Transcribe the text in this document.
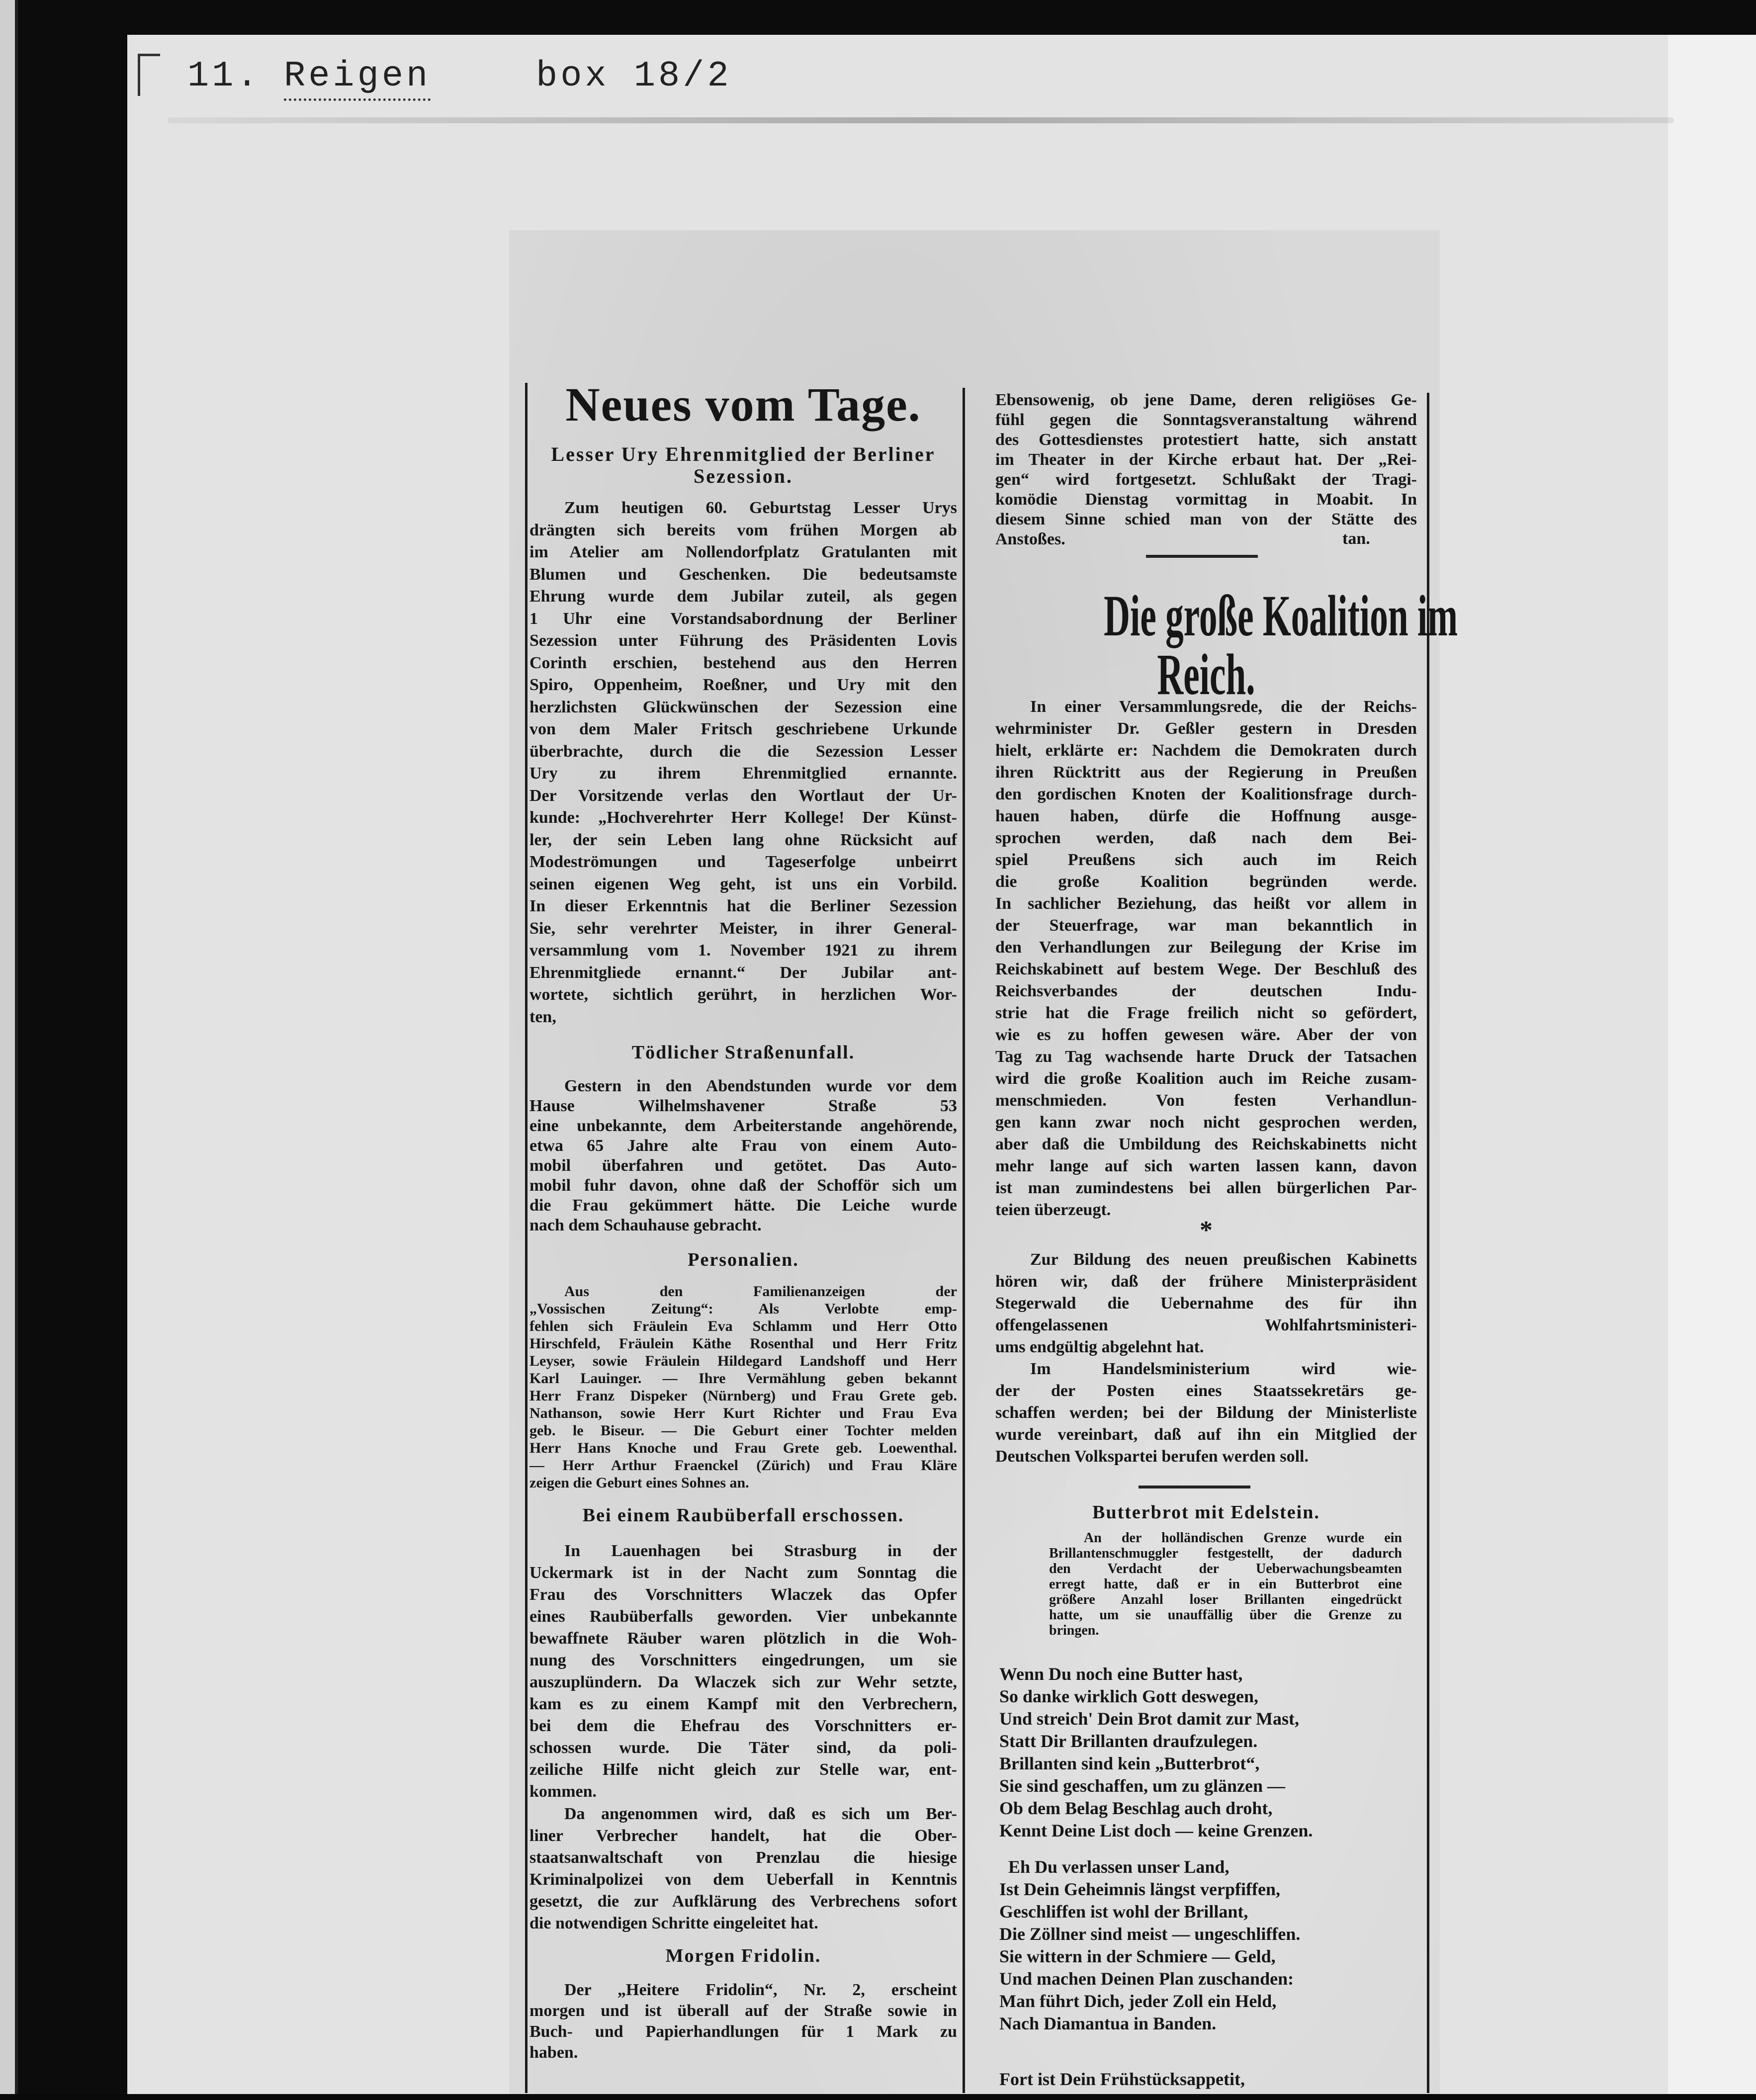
11. Reigen	box 18/2
Neues vom Tage.
Lesser Ury Ehrenmitglied der Berliner
Sezession.
Zum heutigen 60. Geburtstag Lesser Urys
drängten sich bereits vom frühen Morgen ab
im Atelier am Nollendorfplatz Gratulanten mit
Blumen und Geschenken. Die bedeutsamste
Ehrung wurde dem Jubilar zuteil, als gegen
1 Uhr eine Vorstandsabordnung der Berliner
Sezession unter Führung des Präsidenten Lovis
Corinth erschien, bestehend aus den Herren
Spiro, Oppenheim, Roeßner, und Ury mit den
herzlichsten Glückwünschen der Sezession eine
von dem Maler Fritsch geschriebene Urkunde
überbrachte, durch die die Sezession Lesser
Ury zu ihrem Ehrenmitglied ernannte.
Der Vorsitzende verlas den Wortlaut der Ur-
kunde: „Hochverehrter Herr Kollege! Der Künst-
ler, der sein Leben lang ohne Rücksicht auf
Modeströmungen und Tageserfolge unbeirrt
seinen eigenen Weg geht, ist uns ein Vorbild.
In dieser Erkenntnis hat die Berliner Sezession
Sie, sehr verehrter Meister, in ihrer General-
versammlung vom 1. November 1921 zu ihrem
Ehrenmitgliede ernannt.“ Der Jubilar ant-
wortete, sichtlich gerührt, in herzlichen Wor-
ten,
Tödlicher Straßenunfall.
Gestern in den Abendstunden wurde vor dem
Hause Wilhelmshavener Straße 53
eine unbekannte, dem Arbeiterstande angehörende,
etwa 65 Jahre alte Frau von einem Auto-
mobil überfahren und getötet. Das Auto-
mobil fuhr davon, ohne daß der Schofför sich um
die Frau gekümmert hätte. Die Leiche wurde
nach dem Schauhause gebracht.
Personalien.
Aus den Familienanzeigen der
„Vossischen Zeitung“: Als Verlobte emp-
fehlen sich Fräulein Eva Schlamm und Herr Otto
Hirschfeld, Fräulein Käthe Rosenthal und Herr Fritz
Leyser, sowie Fräulein Hildegard Landshoff und Herr
Karl Lauinger. — Ihre Vermählung geben bekannt
Herr Franz Dispeker (Nürnberg) und Frau Grete geb.
Nathanson, sowie Herr Kurt Richter und Frau Eva
geb. le Biseur. — Die Geburt einer Tochter melden
Herr Hans Knoche und Frau Grete geb. Loewenthal.
— Herr Arthur Fraenckel (Zürich) und Frau Kläre
zeigen die Geburt eines Sohnes an.
Bei einem Raubüberfall erschossen.
In Lauenhagen bei Strasburg in der
Uckermark ist in der Nacht zum Sonntag die
Frau des Vorschnitters Wlaczek das Opfer
eines Raubüberfalls geworden. Vier unbekannte
bewaffnete Räuber waren plötzlich in die Woh-
nung des Vorschnitters eingedrungen, um sie
auszuplündern. Da Wlaczek sich zur Wehr setzte,
kam es zu einem Kampf mit den Verbrechern,
bei dem die Ehefrau des Vorschnitters er-
schossen wurde. Die Täter sind, da poli-
zeiliche Hilfe nicht gleich zur Stelle war, ent-
kommen.
Da angenommen wird, daß es sich um Ber-
liner Verbrecher handelt, hat die Ober-
staatsanwaltschaft von Prenzlau die hiesige
Kriminalpolizei von dem Ueberfall in Kenntnis
gesetzt, die zur Aufklärung des Verbrechens sofort
die notwendigen Schritte eingeleitet hat.
Morgen Fridolin.
Der „Heitere Fridolin“, Nr. 2, erscheint
morgen und ist überall auf der Straße sowie in
Buch- und Papierhandlungen für 1 Mark zu
haben.
Ebensowenig, ob jene Dame, deren religiöses Ge-
fühl gegen die Sonntagsveranstaltung während
des Gottesdienstes protestiert hatte, sich anstatt
im Theater in der Kirche erbaut hat. Der „Rei-
gen“ wird fortgesetzt. Schlußakt der Tragi-
komödie Dienstag vormittag in Moabit. In
diesem Sinne schied man von der Stätte des
Anstoßes.	tan.
Die große Koalition im
Reich.
In einer Versammlungsrede, die der Reichs-
wehrminister Dr. Geßler gestern in Dresden
hielt, erklärte er: Nachdem die Demokraten durch
ihren Rücktritt aus der Regierung in Preußen
den gordischen Knoten der Koalitionsfrage durch-
hauen haben, dürfe die Hoffnung ausge-
sprochen werden, daß nach dem Bei-
spiel Preußens sich auch im Reich
die große Koalition begründen werde.
In sachlicher Beziehung, das heißt vor allem in
der Steuerfrage, war man bekanntlich in
den Verhandlungen zur Beilegung der Krise im
Reichskabinett auf bestem Wege. Der Beschluß des
Reichsverbandes der deutschen Indu-
strie hat die Frage freilich nicht so gefördert,
wie es zu hoffen gewesen wäre. Aber der von
Tag zu Tag wachsende harte Druck der Tatsachen
wird die große Koalition auch im Reiche zusam-
menschmieden. Von festen Verhandlun-
gen kann zwar noch nicht gesprochen werden,
aber daß die Umbildung des Reichskabinetts nicht
mehr lange auf sich warten lassen kann, davon
ist man zumindestens bei allen bürgerlichen Par-
teien überzeugt.
*
Zur Bildung des neuen preußischen Kabinetts
hören wir, daß der frühere Ministerpräsident
Stegerwald die Uebernahme des für ihn
offengelassenen Wohlfahrtsministeri-
ums endgültig abgelehnt hat.
Im Handelsministerium wird wie-
der der Posten eines Staatssekretärs ge-
schaffen werden; bei der Bildung der Ministerliste
wurde vereinbart, daß auf ihn ein Mitglied der
Deutschen Volkspartei berufen werden soll.
Butterbrot mit Edelstein.
An der holländischen Grenze wurde ein
Brillantenschmuggler festgestellt, der dadurch
den Verdacht der Ueberwachungsbeamten
erregt hatte, daß er in ein Butterbrot eine
größere Anzahl loser Brillanten eingedrückt
hatte, um sie unauffällig über die Grenze zu
bringen.
Wenn Du noch eine Butter hast,
So danke wirklich Gott deswegen,
Und streich' Dein Brot damit zur Mast,
Statt Dir Brillanten draufzulegen.
Brillanten sind kein „Butterbrot“,
Sie sind geschaffen, um zu glänzen —
Ob dem Belag Beschlag auch droht,
Kennt Deine List doch — keine Grenzen.
Eh Du verlassen unser Land,
Ist Dein Geheimnis längst verpfiffen,
Geschliffen ist wohl der Brillant,
Die Zöllner sind meist — ungeschliffen.
Sie wittern in der Schmiere — Geld,
Und machen Deinen Plan zuschanden:
Man führt Dich, jeder Zoll ein Held,
Nach Diamantua in Banden.
Fort ist Dein Frühstücksappetit,
